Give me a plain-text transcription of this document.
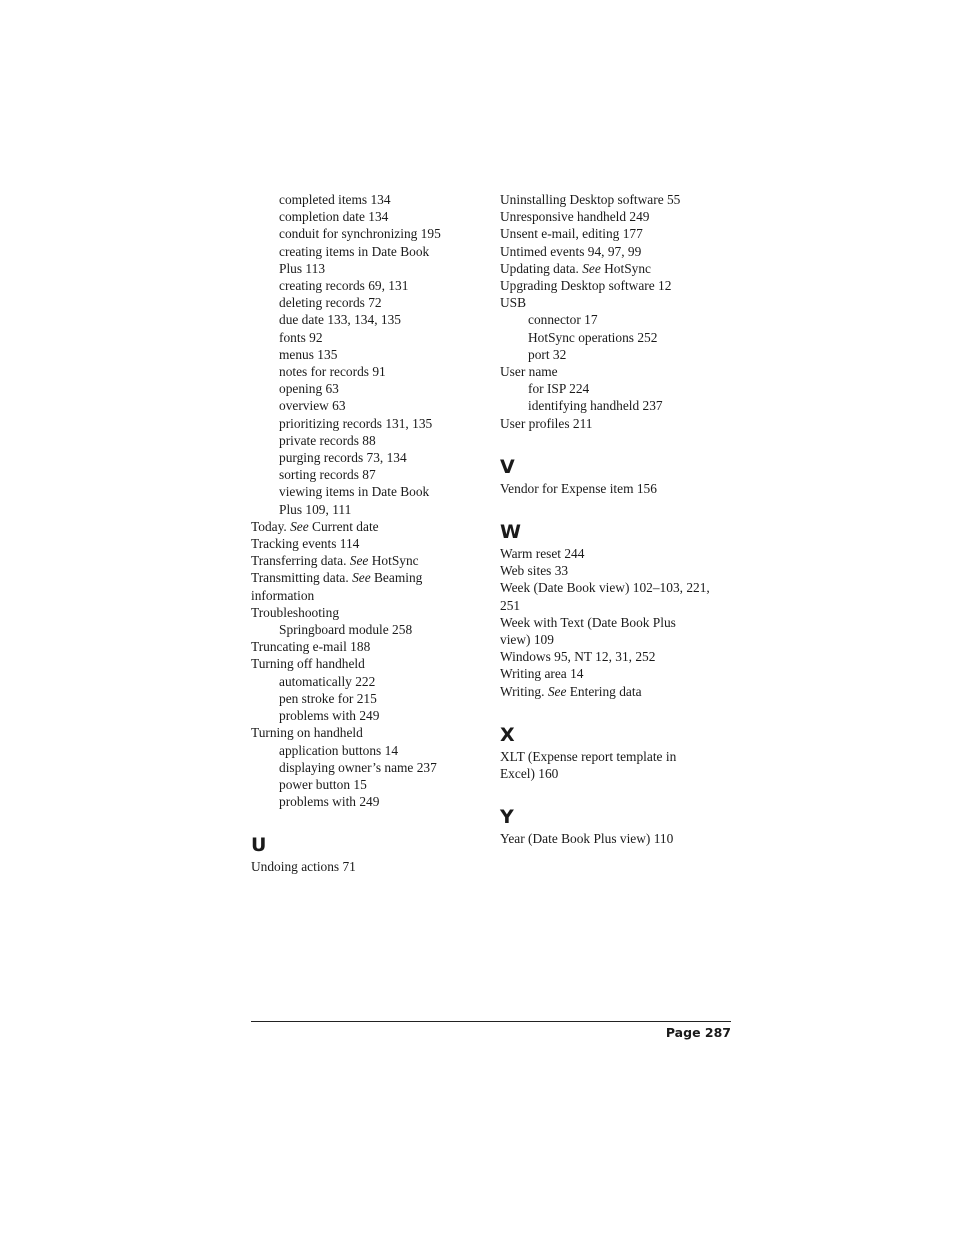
completed items 134
completion date 134
conduit for synchronizing 195
creating items in Date Book
Plus 113
creating records 69, 131
deleting records 72
due date 133, 134, 135
fonts 92
menus 135
notes for records 91
opening 63
overview 63
prioritizing records 131, 135
private records 88
purging records 73, 134
sorting records 87
viewing items in Date Book
Plus 109, 111
Today. See Current date
Tracking events 114
Transferring data. See HotSync
Transmitting data. See Beaming
information
Troubleshooting
Springboard module 258
Truncating e-mail 188
Turning off handheld
automatically 222
pen stroke for 215
problems with 249
Turning on handheld
application buttons 14
displaying owner’s name 237
power button 15
problems with 249
U
Undoing actions 71
Uninstalling Desktop software 55
Unresponsive handheld 249
Unsent e-mail, editing 177
Untimed events 94, 97, 99
Updating data. See HotSync
Upgrading Desktop software 12
USB
connector 17
HotSync operations 252
port 32
User name
for ISP 224
identifying handheld 237
User profiles 211
V
Vendor for Expense item 156
W
Warm reset 244
Web sites 33
Week (Date Book view) 102–103, 221,
251
Week with Text (Date Book Plus
view) 109
Windows 95, NT 12, 31, 252
Writing area 14
Writing. See Entering data
X
XLT (Expense report template in
Excel) 160
Y
Year (Date Book Plus view) 110
Page 287
